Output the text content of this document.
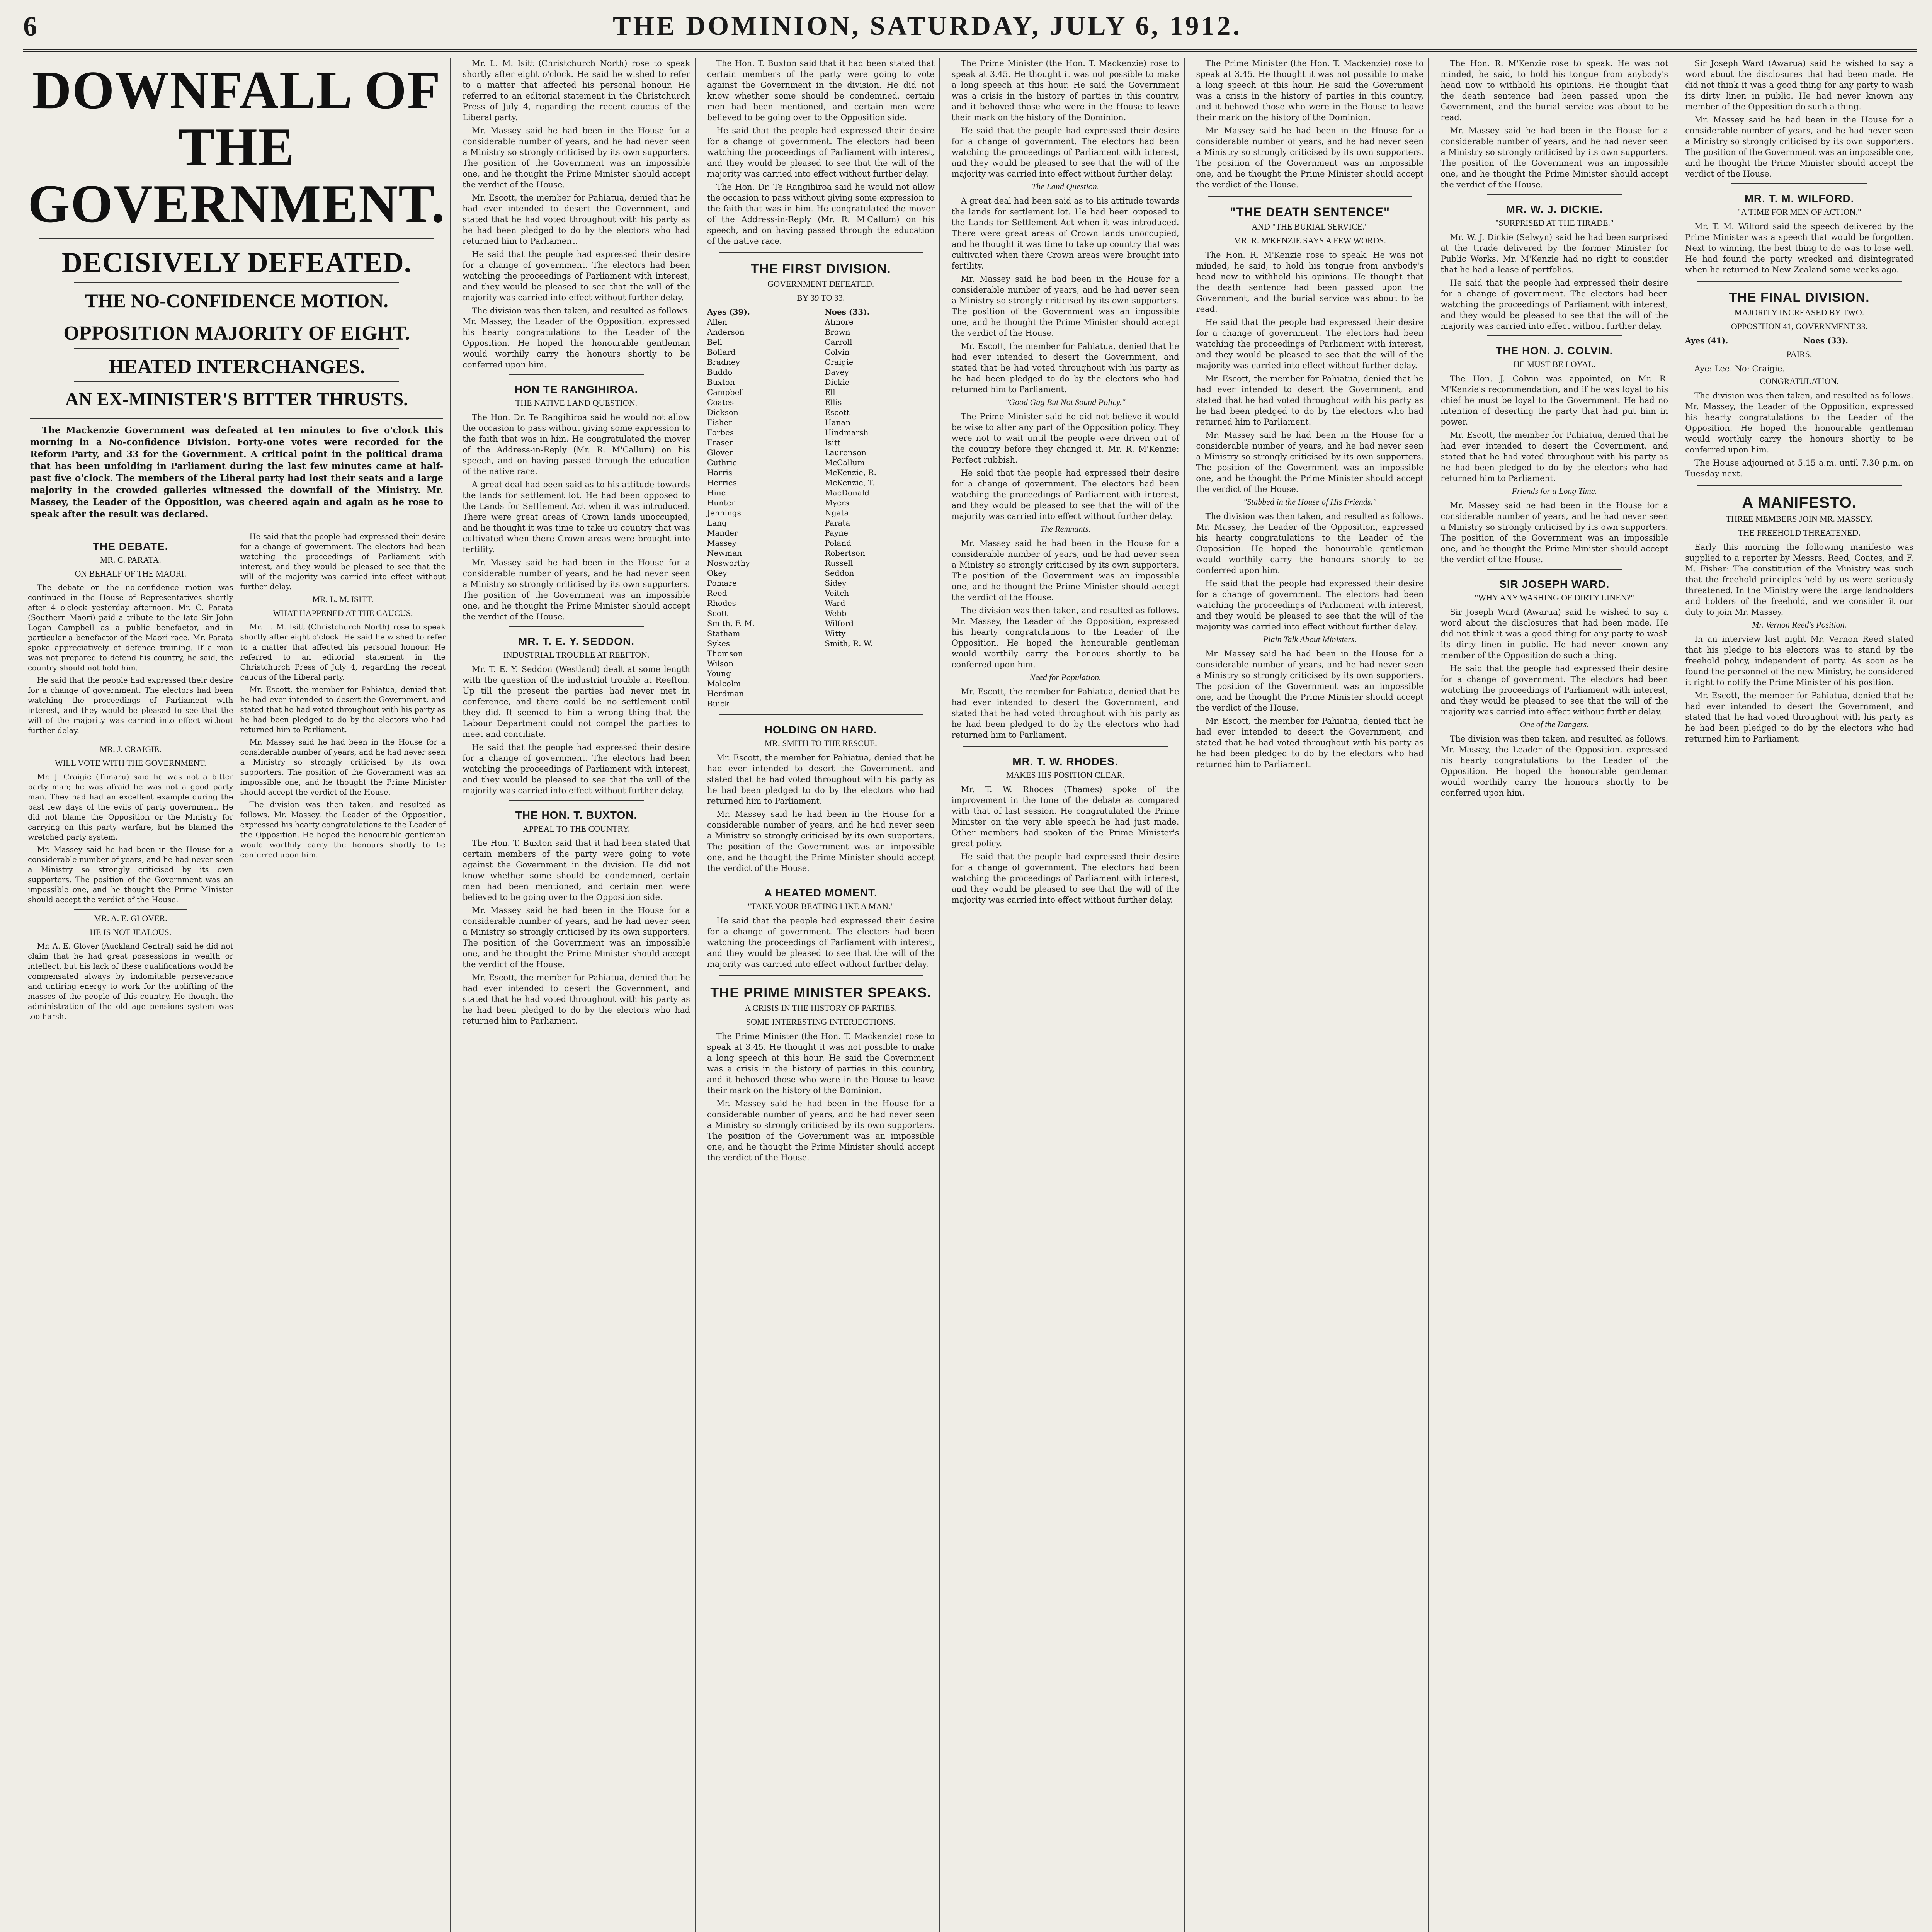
6	THE DOMINION, SATURDAY, JULY 6, 1912.
DOWNFALL OF THE GOVERNMENT.
DECISIVELY DEFEATED.
THE NO-CONFIDENCE MOTION.
OPPOSITION MAJORITY OF EIGHT.
HEATED INTERCHANGES.
AN EX-MINISTER'S BITTER THRUSTS.
The Mackenzie Government was defeated at ten minutes to five o'clock this morning in a No-confidence Division. Forty-one votes were recorded for the Reform Party, and 33 for the Government. A critical point in the political drama that has been unfolding in Parliament during the last few minutes came at half-past five o'clock. The members of the Liberal party had lost their seats and a large majority in the crowded galleries witnessed the downfall of the Ministry. Mr. Massey, the Leader of the Opposition, was cheered again and again as he rose to speak after the result was declared.
THE DEBATE.
MR. C. PARATA.
ON BEHALF OF THE MAORI.

The debate on the no-confidence motion was continued in the House of Representatives shortly after 4 o'clock yesterday afternoon. Mr. C. Parata (Southern Maori) paid a tribute to the late Sir John Logan Campbell as a public benefactor, and in particular a benefactor of the Maori race. Mr. Parata spoke appreciatively of defence training. If a man was not prepared to defend his country, he said, the country should not hold him.

He said that the people had expressed their desire for a change of government. The electors had been watching the proceedings of Parliament with interest, and they would be pleased to see that the will of the majority was carried into effect without further delay.

MR. J. CRAIGIE.
WILL VOTE WITH THE GOVERNMENT.

Mr. J. Craigie (Timaru) said he was not a bitter party man; he was afraid he was not a good party man. They had had an excellent example during the past few days of the evils of party government. He did not blame the Opposition or the Ministry for carrying on this party warfare, but he blamed the wretched party system.

Mr. Massey said he had been in the House for a considerable number of years, and he had never seen a Ministry so strongly criticised by its own supporters. The position of the Government was an impossible one, and he thought the Prime Minister should accept the verdict of the House.

MR. A. E. GLOVER.
HE IS NOT JEALOUS.

Mr. A. E. Glover (Auckland Central) said he did not claim that he had great possessions in wealth or intellect, but his lack of these qualifications would be compensated always by indomitable perseverance and untiring energy to work for the uplifting of the masses of the people of this country. He thought the administration of the old age pensions system was too harsh.

He said that the people had expressed their desire for a change of government. The electors had been watching the proceedings of Parliament with interest, and they would be pleased to see that the will of the majority was carried into effect without further delay.

MR. L. M. ISITT.
WHAT HAPPENED AT THE CAUCUS.

Mr. L. M. Isitt (Christchurch North) rose to speak shortly after eight o'clock. He said he wished to refer to a matter that affected his personal honour. He referred to an editorial statement in the Christchurch Press of July 4, regarding the recent caucus of the Liberal party.

Mr. Escott, the member for Pahiatua, denied that he had ever intended to desert the Government, and stated that he had voted throughout with his party as he had been pledged to do by the electors who had returned him to Parliament.

Mr. Massey said he had been in the House for a considerable number of years, and he had never seen a Ministry so strongly criticised by its own supporters. The position of the Government was an impossible one, and he thought the Prime Minister should accept the verdict of the House.

The division was then taken, and resulted as follows. Mr. Massey, the Leader of the Opposition, expressed his hearty congratulations to the Leader of the Opposition. He hoped the honourable gentleman would worthily carry the honours shortly to be conferred upon him.

Mr. L. M. Isitt (Christchurch North) rose to speak shortly after eight o'clock. He said he wished to refer to a matter that affected his personal honour. He referred to an editorial statement in the Christchurch Press of July 4, regarding the recent caucus of the Liberal party.

Mr. Massey said he had been in the House for a considerable number of years, and he had never seen a Ministry so strongly criticised by its own supporters. The position of the Government was an impossible one, and he thought the Prime Minister should accept the verdict of the House.

Mr. Escott, the member for Pahiatua, denied that he had ever intended to desert the Government, and stated that he had voted throughout with his party as he had been pledged to do by the electors who had returned him to Parliament.

He said that the people had expressed their desire for a change of government. The electors had been watching the proceedings of Parliament with interest, and they would be pleased to see that the will of the majority was carried into effect without further delay.

The division was then taken, and resulted as follows. Mr. Massey, the Leader of the Opposition, expressed his hearty congratulations to the Leader of the Opposition. He hoped the honourable gentleman would worthily carry the honours shortly to be conferred upon him.

HON TE RANGIHIROA.
THE NATIVE LAND QUESTION.

The Hon. Dr. Te Rangihiroa said he would not allow the occasion to pass without giving some expression to the faith that was in him. He congratulated the mover of the Address-in-Reply (Mr. R. M'Callum) on his speech, and on having passed through the education of the native race.

A great deal had been said as to his attitude towards the lands for settlement lot. He had been opposed to the Lands for Settlement Act when it was introduced. There were great areas of Crown lands unoccupied, and he thought it was time to take up country that was cultivated when there Crown areas were brought into fertility.

Mr. Massey said he had been in the House for a considerable number of years, and he had never seen a Ministry so strongly criticised by its own supporters. The position of the Government was an impossible one, and he thought the Prime Minister should accept the verdict of the House.

MR. T. E. Y. SEDDON.
INDUSTRIAL TROUBLE AT REEFTON.

Mr. T. E. Y. Seddon (Westland) dealt at some length with the question of the industrial trouble at Reefton. Up till the present the parties had never met in conference, and there could be no settlement until they did. It seemed to him a wrong thing that the Labour Department could not compel the parties to meet and conciliate.

He said that the people had expressed their desire for a change of government. The electors had been watching the proceedings of Parliament with interest, and they would be pleased to see that the will of the majority was carried into effect without further delay.

THE HON. T. BUXTON.
APPEAL TO THE COUNTRY.

The Hon. T. Buxton said that it had been stated that certain members of the party were going to vote against the Government in the division. He did not know whether some should be condemned, certain men had been mentioned, and certain men were believed to be going over to the Opposition side.

Mr. Massey said he had been in the House for a considerable number of years, and he had never seen a Ministry so strongly criticised by its own supporters. The position of the Government was an impossible one, and he thought the Prime Minister should accept the verdict of the House.

Mr. Escott, the member for Pahiatua, denied that he had ever intended to desert the Government, and stated that he had voted throughout with his party as he had been pledged to do by the electors who had returned him to Parliament.

The Hon. T. Buxton said that it had been stated that certain members of the party were going to vote against the Government in the division. He did not know whether some should be condemned, certain men had been mentioned, and certain men were believed to be going over to the Opposition side.

He said that the people had expressed their desire for a change of government. The electors had been watching the proceedings of Parliament with interest, and they would be pleased to see that the will of the majority was carried into effect without further delay.

The Hon. Dr. Te Rangihiroa said he would not allow the occasion to pass without giving some expression to the faith that was in him. He congratulated the mover of the Address-in-Reply (Mr. R. M'Callum) on his speech, and on having passed through the education of the native race.

THE FIRST DIVISION.
GOVERNMENT DEFEATED.
BY 39 TO 33.
Ayes (39).
Allen
Anderson
Bell
Bollard
Bradney
Buddo
Buxton
Campbell
Coates
Dickson
Fisher
Forbes
Fraser
Glover
Guthrie
Harris
Herries
Hine
Hunter
Jennings
Lang
Mander
Massey
Newman
Nosworthy
Okey
Pomare
Reed
Rhodes
Scott
Smith, F. M.
Statham
Sykes
Thomson
Wilson
Young
Malcolm
Herdman
Buick
Noes (33).
Atmore
Brown
Carroll
Colvin
Craigie
Davey
Dickie
Ell
Ellis
Escott
Hanan
Hindmarsh
Isitt
Laurenson
McCallum
McKenzie, R.
McKenzie, T.
MacDonald
Myers
Ngata
Parata
Payne
Poland
Robertson
Russell
Seddon
Sidey
Veitch
Ward
Webb
Wilford
Witty
Smith, R. W.
HOLDING ON HARD.
MR. SMITH TO THE RESCUE.

Mr. Escott, the member for Pahiatua, denied that he had ever intended to desert the Government, and stated that he had voted throughout with his party as he had been pledged to do by the electors who had returned him to Parliament.

Mr. Massey said he had been in the House for a considerable number of years, and he had never seen a Ministry so strongly criticised by its own supporters. The position of the Government was an impossible one, and he thought the Prime Minister should accept the verdict of the House.

A HEATED MOMENT.
"TAKE YOUR BEATING LIKE A MAN."

He said that the people had expressed their desire for a change of government. The electors had been watching the proceedings of Parliament with interest, and they would be pleased to see that the will of the majority was carried into effect without further delay.

THE PRIME MINISTER SPEAKS.
A CRISIS IN THE HISTORY OF PARTIES.
SOME INTERESTING INTERJECTIONS.

The Prime Minister (the Hon. T. Mackenzie) rose to speak at 3.45. He thought it was not possible to make a long speech at this hour. He said the Government was a crisis in the history of parties in this country, and it behoved those who were in the House to leave their mark on the history of the Dominion.

Mr. Massey said he had been in the House for a considerable number of years, and he had never seen a Ministry so strongly criticised by its own supporters. The position of the Government was an impossible one, and he thought the Prime Minister should accept the verdict of the House.

The Prime Minister (the Hon. T. Mackenzie) rose to speak at 3.45. He thought it was not possible to make a long speech at this hour. He said the Government was a crisis in the history of parties in this country, and it behoved those who were in the House to leave their mark on the history of the Dominion.

He said that the people had expressed their desire for a change of government. The electors had been watching the proceedings of Parliament with interest, and they would be pleased to see that the will of the majority was carried into effect without further delay.

The Land Question.

A great deal had been said as to his attitude towards the lands for settlement lot. He had been opposed to the Lands for Settlement Act when it was introduced. There were great areas of Crown lands unoccupied, and he thought it was time to take up country that was cultivated when there Crown areas were brought into fertility.

Mr. Massey said he had been in the House for a considerable number of years, and he had never seen a Ministry so strongly criticised by its own supporters. The position of the Government was an impossible one, and he thought the Prime Minister should accept the verdict of the House.

Mr. Escott, the member for Pahiatua, denied that he had ever intended to desert the Government, and stated that he had voted throughout with his party as he had been pledged to do by the electors who had returned him to Parliament.

"Good Gag But Not Sound Policy."

The Prime Minister said he did not believe it would be wise to alter any part of the Opposition policy. They were not to wait until the people were driven out of the country before they changed it. Mr. R. M'Kenzie: Perfect rubbish.

He said that the people had expressed their desire for a change of government. The electors had been watching the proceedings of Parliament with interest, and they would be pleased to see that the will of the majority was carried into effect without further delay.

The Remnants.

Mr. Massey said he had been in the House for a considerable number of years, and he had never seen a Ministry so strongly criticised by its own supporters. The position of the Government was an impossible one, and he thought the Prime Minister should accept the verdict of the House.

The division was then taken, and resulted as follows. Mr. Massey, the Leader of the Opposition, expressed his hearty congratulations to the Leader of the Opposition. He hoped the honourable gentleman would worthily carry the honours shortly to be conferred upon him.

Need for Population.

Mr. Escott, the member for Pahiatua, denied that he had ever intended to desert the Government, and stated that he had voted throughout with his party as he had been pledged to do by the electors who had returned him to Parliament.

MR. T. W. RHODES.
MAKES HIS POSITION CLEAR.

Mr. T. W. Rhodes (Thames) spoke of the improvement in the tone of the debate as compared with that of last session. He congratulated the Prime Minister on the very able speech he had just made. Other members had spoken of the Prime Minister's great policy.

He said that the people had expressed their desire for a change of government. The electors had been watching the proceedings of Parliament with interest, and they would be pleased to see that the will of the majority was carried into effect without further delay.

The Prime Minister (the Hon. T. Mackenzie) rose to speak at 3.45. He thought it was not possible to make a long speech at this hour. He said the Government was a crisis in the history of parties in this country, and it behoved those who were in the House to leave their mark on the history of the Dominion.

Mr. Massey said he had been in the House for a considerable number of years, and he had never seen a Ministry so strongly criticised by its own supporters. The position of the Government was an impossible one, and he thought the Prime Minister should accept the verdict of the House.

"THE DEATH SENTENCE"
AND "THE BURIAL SERVICE."
MR. R. M'KENZIE SAYS A FEW WORDS.

The Hon. R. M'Kenzie rose to speak. He was not minded, he said, to hold his tongue from anybody's head now to withhold his opinions. He thought that the death sentence had been passed upon the Government, and the burial service was about to be read.

He said that the people had expressed their desire for a change of government. The electors had been watching the proceedings of Parliament with interest, and they would be pleased to see that the will of the majority was carried into effect without further delay.

Mr. Escott, the member for Pahiatua, denied that he had ever intended to desert the Government, and stated that he had voted throughout with his party as he had been pledged to do by the electors who had returned him to Parliament.

Mr. Massey said he had been in the House for a considerable number of years, and he had never seen a Ministry so strongly criticised by its own supporters. The position of the Government was an impossible one, and he thought the Prime Minister should accept the verdict of the House.

"Stabbed in the House of His Friends."

The division was then taken, and resulted as follows. Mr. Massey, the Leader of the Opposition, expressed his hearty congratulations to the Leader of the Opposition. He hoped the honourable gentleman would worthily carry the honours shortly to be conferred upon him.

He said that the people had expressed their desire for a change of government. The electors had been watching the proceedings of Parliament with interest, and they would be pleased to see that the will of the majority was carried into effect without further delay.

Plain Talk About Ministers.

Mr. Massey said he had been in the House for a considerable number of years, and he had never seen a Ministry so strongly criticised by its own supporters. The position of the Government was an impossible one, and he thought the Prime Minister should accept the verdict of the House.

Mr. Escott, the member for Pahiatua, denied that he had ever intended to desert the Government, and stated that he had voted throughout with his party as he had been pledged to do by the electors who had returned him to Parliament.

The Hon. R. M'Kenzie rose to speak. He was not minded, he said, to hold his tongue from anybody's head now to withhold his opinions. He thought that the death sentence had been passed upon the Government, and the burial service was about to be read.

Mr. Massey said he had been in the House for a considerable number of years, and he had never seen a Ministry so strongly criticised by its own supporters. The position of the Government was an impossible one, and he thought the Prime Minister should accept the verdict of the House.

MR. W. J. DICKIE.
"SURPRISED AT THE TIRADE."

Mr. W. J. Dickie (Selwyn) said he had been surprised at the tirade delivered by the former Minister for Public Works. Mr. M'Kenzie had no right to consider that he had a lease of portfolios.

He said that the people had expressed their desire for a change of government. The electors had been watching the proceedings of Parliament with interest, and they would be pleased to see that the will of the majority was carried into effect without further delay.

THE HON. J. COLVIN.
HE MUST BE LOYAL.

The Hon. J. Colvin was appointed, on Mr. R. M'Kenzie's recommendation, and if he was loyal to his chief he must be loyal to the Government. He had no intention of deserting the party that had put him in power.

Mr. Escott, the member for Pahiatua, denied that he had ever intended to desert the Government, and stated that he had voted throughout with his party as he had been pledged to do by the electors who had returned him to Parliament.

Friends for a Long Time.

Mr. Massey said he had been in the House for a considerable number of years, and he had never seen a Ministry so strongly criticised by its own supporters. The position of the Government was an impossible one, and he thought the Prime Minister should accept the verdict of the House.

SIR JOSEPH WARD.
"WHY ANY WASHING OF DIRTY LINEN?"

Sir Joseph Ward (Awarua) said he wished to say a word about the disclosures that had been made. He did not think it was a good thing for any party to wash its dirty linen in public. He had never known any member of the Opposition do such a thing.

He said that the people had expressed their desire for a change of government. The electors had been watching the proceedings of Parliament with interest, and they would be pleased to see that the will of the majority was carried into effect without further delay.

One of the Dangers.

The division was then taken, and resulted as follows. Mr. Massey, the Leader of the Opposition, expressed his hearty congratulations to the Leader of the Opposition. He hoped the honourable gentleman would worthily carry the honours shortly to be conferred upon him.

Sir Joseph Ward (Awarua) said he wished to say a word about the disclosures that had been made. He did not think it was a good thing for any party to wash its dirty linen in public. He had never known any member of the Opposition do such a thing.

Mr. Massey said he had been in the House for a considerable number of years, and he had never seen a Ministry so strongly criticised by its own supporters. The position of the Government was an impossible one, and he thought the Prime Minister should accept the verdict of the House.

MR. T. M. WILFORD.
"A TIME FOR MEN OF ACTION."

Mr. T. M. Wilford said the speech delivered by the Prime Minister was a speech that would be forgotten. Next to winning, the best thing to do was to lose well. He had found the party wrecked and disintegrated when he returned to New Zealand some weeks ago.

THE FINAL DIVISION.
MAJORITY INCREASED BY TWO.
OPPOSITION 41, GOVERNMENT 33.
Ayes (41).	Noes (33).
PAIRS.

Aye: Lee. No: Craigie.

CONGRATULATION.

The division was then taken, and resulted as follows. Mr. Massey, the Leader of the Opposition, expressed his hearty congratulations to the Leader of the Opposition. He hoped the honourable gentleman would worthily carry the honours shortly to be conferred upon him.

The House adjourned at 5.15 a.m. until 7.30 p.m. on Tuesday next.

A MANIFESTO.
THREE MEMBERS JOIN MR. MASSEY.
THE FREEHOLD THREATENED.

Early this morning the following manifesto was supplied to a reporter by Messrs. Reed, Coates, and F. M. Fisher: The constitution of the Ministry was such that the freehold principles held by us were seriously threatened. In the Ministry were the large landholders and holders of the freehold, and we consider it our duty to join Mr. Massey.

Mr. Vernon Reed's Position.

In an interview last night Mr. Vernon Reed stated that his pledge to his electors was to stand by the freehold policy, independent of party. As soon as he found the personnel of the new Ministry, he considered it right to notify the Prime Minister of his position.

Mr. Escott, the member for Pahiatua, denied that he had ever intended to desert the Government, and stated that he had voted throughout with his party as he had been pledged to do by the electors who had returned him to Parliament.
